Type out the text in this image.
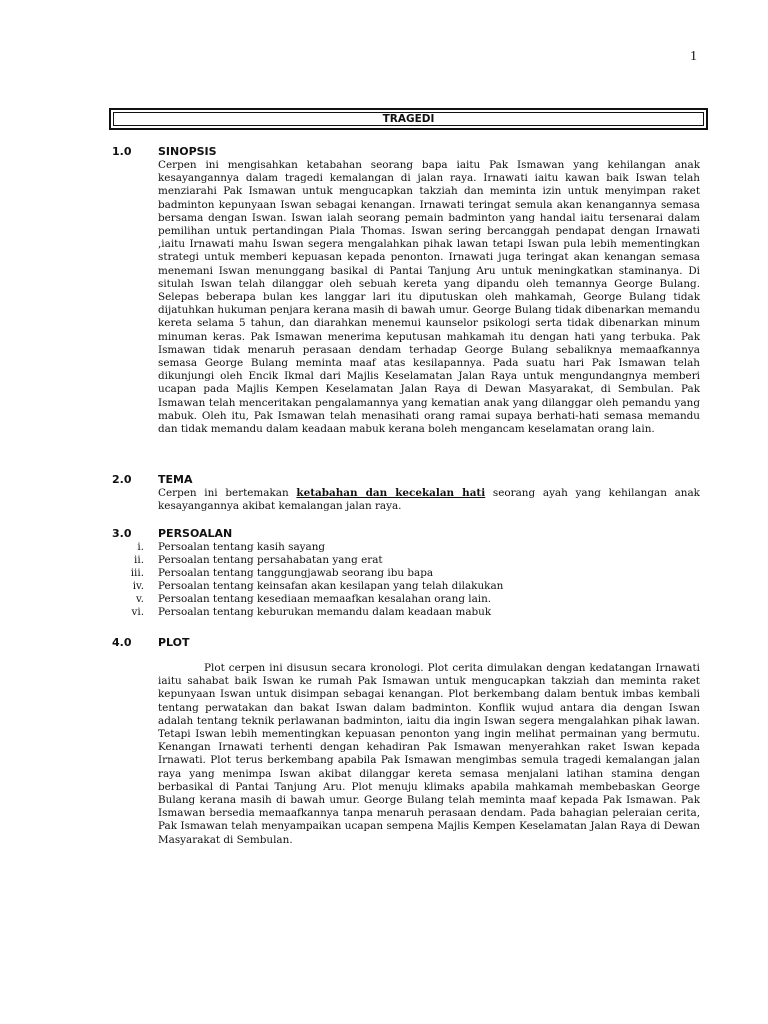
1
TRAGEDI
1.0 SINOPSIS
Cerpen ini mengisahkan ketabahan seorang bapa iaitu Pak Ismawan yang kehilangan anak kesayangannya dalam tragedi kemalangan di jalan raya. Irnawati iaitu kawan baik Iswan telah menziarahi Pak Ismawan untuk mengucapkan takziah dan meminta izin untuk menyimpan raket badminton kepunyaan Iswan sebagai kenangan. Irnawati teringat semula akan kenangannya semasa bersama dengan Iswan. Iswan ialah seorang pemain badminton yang handal iaitu tersenarai dalam pemilihan untuk pertandingan Piala Thomas. Iswan sering bercanggah pendapat dengan Irnawati ,iaitu Irnawati mahu Iswan segera mengalahkan pihak lawan tetapi Iswan pula lebih mementingkan strategi untuk memberi kepuasan kepada penonton. Irnawati juga teringat akan kenangan semasa menemani Iswan menunggang basikal di Pantai Tanjung Aru untuk meningkatkan staminanya. Di situlah Iswan telah dilanggar oleh sebuah kereta yang dipandu oleh temannya George Bulang. Selepas beberapa bulan kes langgar lari itu diputuskan oleh mahkamah, George Bulang tidak dijatuhkan hukuman penjara kerana masih di bawah umur. George Bulang tidak dibenarkan memandu kereta selama 5 tahun, dan diarahkan menemui kaunselor psikologi serta tidak dibenarkan minum minuman keras. Pak Ismawan menerima keputusan mahkamah itu dengan hati yang terbuka. Pak Ismawan tidak menaruh perasaan dendam terhadap George Bulang sebaliknya memaafkannya semasa George Bulang meminta maaf atas kesilapannya. Pada suatu hari Pak Ismawan telah dikunjungi oleh Encik Ikmal dari Majlis Keselamatan Jalan Raya untuk mengundangnya memberi ucapan pada Majlis Kempen Keselamatan Jalan Raya di Dewan Masyarakat, di Sembulan. Pak Ismawan telah menceritakan pengalamannya yang kematian anak yang dilanggar oleh pemandu yang mabuk. Oleh itu, Pak Ismawan telah menasihati orang ramai supaya berhati-hati semasa memandu dan tidak memandu dalam keadaan mabuk kerana boleh mengancam keselamatan orang lain.
2.0 TEMA
Cerpen ini bertemakan ketabahan dan kecekalan hati seorang ayah yang kehilangan anak kesayangannya akibat kemalangan jalan raya.
3.0 PERSOALAN
i. Persoalan tentang kasih sayang
ii. Persoalan tentang persahabatan yang erat
iii. Persoalan tentang tanggungjawab seorang ibu bapa
iv. Persoalan tentang keinsafan akan kesilapan yang telah dilakukan
v. Persoalan tentang kesediaan memaafkan kesalahan orang lain.
vi. Persoalan tentang keburukan memandu dalam keadaan mabuk
4.0 PLOT
Plot cerpen ini disusun secara kronologi. Plot cerita dimulakan dengan kedatangan Irnawati iaitu sahabat baik Iswan ke rumah Pak Ismawan untuk mengucapkan takziah dan meminta raket kepunyaan Iswan untuk disimpan sebagai kenangan. Plot berkembang dalam bentuk imbas kembali tentang perwatakan dan bakat Iswan dalam badminton. Konflik wujud antara dia dengan Iswan adalah tentang teknik perlawanan badminton, iaitu dia ingin Iswan segera mengalahkan pihak lawan. Tetapi Iswan lebih mementingkan kepuasan penonton yang ingin melihat permainan yang bermutu. Kenangan Irnawati terhenti dengan kehadiran Pak Ismawan menyerahkan raket Iswan kepada Irnawati. Plot terus berkembang apabila Pak Ismawan mengimbas semula tragedi kemalangan jalan raya yang menimpa Iswan akibat dilanggar kereta semasa menjalani latihan stamina dengan berbasikal di Pantai Tanjung Aru. Plot menuju klimaks apabila mahkamah membebaskan George Bulang kerana masih di bawah umur. George Bulang telah meminta maaf kepada Pak Ismawan. Pak Ismawan bersedia memaafkannya tanpa menaruh perasaan dendam. Pada bahagian peleraian cerita, Pak Ismawan telah menyampaikan ucapan sempena Majlis Kempen Keselamatan Jalan Raya di Dewan Masyarakat di Sembulan.
